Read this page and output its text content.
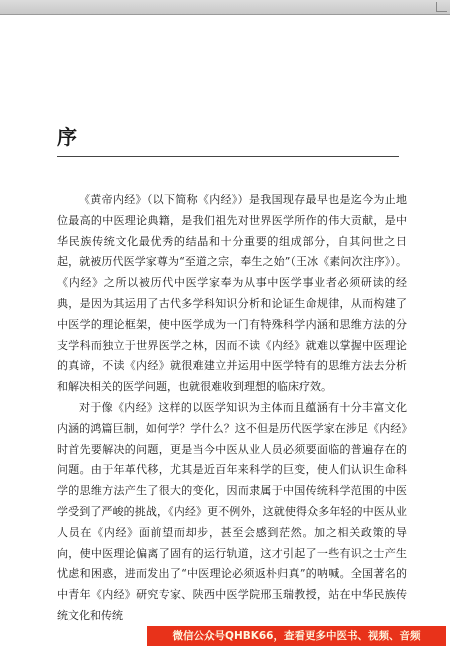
序

《黄帝内经》（以下简称《内经》）是我国现存最早也是迄今为止地位最高的中医理论典籍，是我们祖先对世界医学所作的伟大贡献，是中华民族传统文化最优秀的结晶和十分重要的组成部分，自其问世之日起，就被历代医学家尊为“至道之宗，奉生之始”（王冰《素问次注序》）。《内经》之所以被历代中医学家奉为从事中医学事业者必须研读的经典，是因为其运用了古代多学科知识分析和论证生命规律，从而构建了中医学的理论框架，使中医学成为一门有特殊科学内涵和思维方法的分支学科而独立于世界医学之林，因而不读《内经》就难以掌握中医理论的真谛，不读《内经》就很难建立并运用中医学特有的思维方法去分析和解决相关的医学问题，也就很难收到理想的临床疗效。

对于像《内经》这样的以医学知识为主体而且蕴涵有十分丰富文化内涵的鸿篇巨制，如何学？学什么？这不但是历代医学家在涉足《内经》时首先要解决的问题，更是当今中医从业人员必须要面临的普遍存在的问题。由于年革代移，尤其是近百年来科学的巨变，使人们认识生命科学的思维方法产生了很大的变化，因而隶属于中国传统科学范围的中医学受到了严峻的挑战，《内经》更不例外，这就使得众多年轻的中医从业人员在《内经》面前望而却步，甚至会感到茫然。加之相关政策的导向，使中医理论偏离了固有的运行轨道，这才引起了一些有识之士产生忧虑和困惑，进而发出了“中医理论必须返朴归真”的呐喊。全国著名的中青年《内经》研究专家、陕西中医学院邢玉瑞教授，站在中华民族传统文化和传统

微信公众号QHBK66，查看更多中医书、视频、音频
